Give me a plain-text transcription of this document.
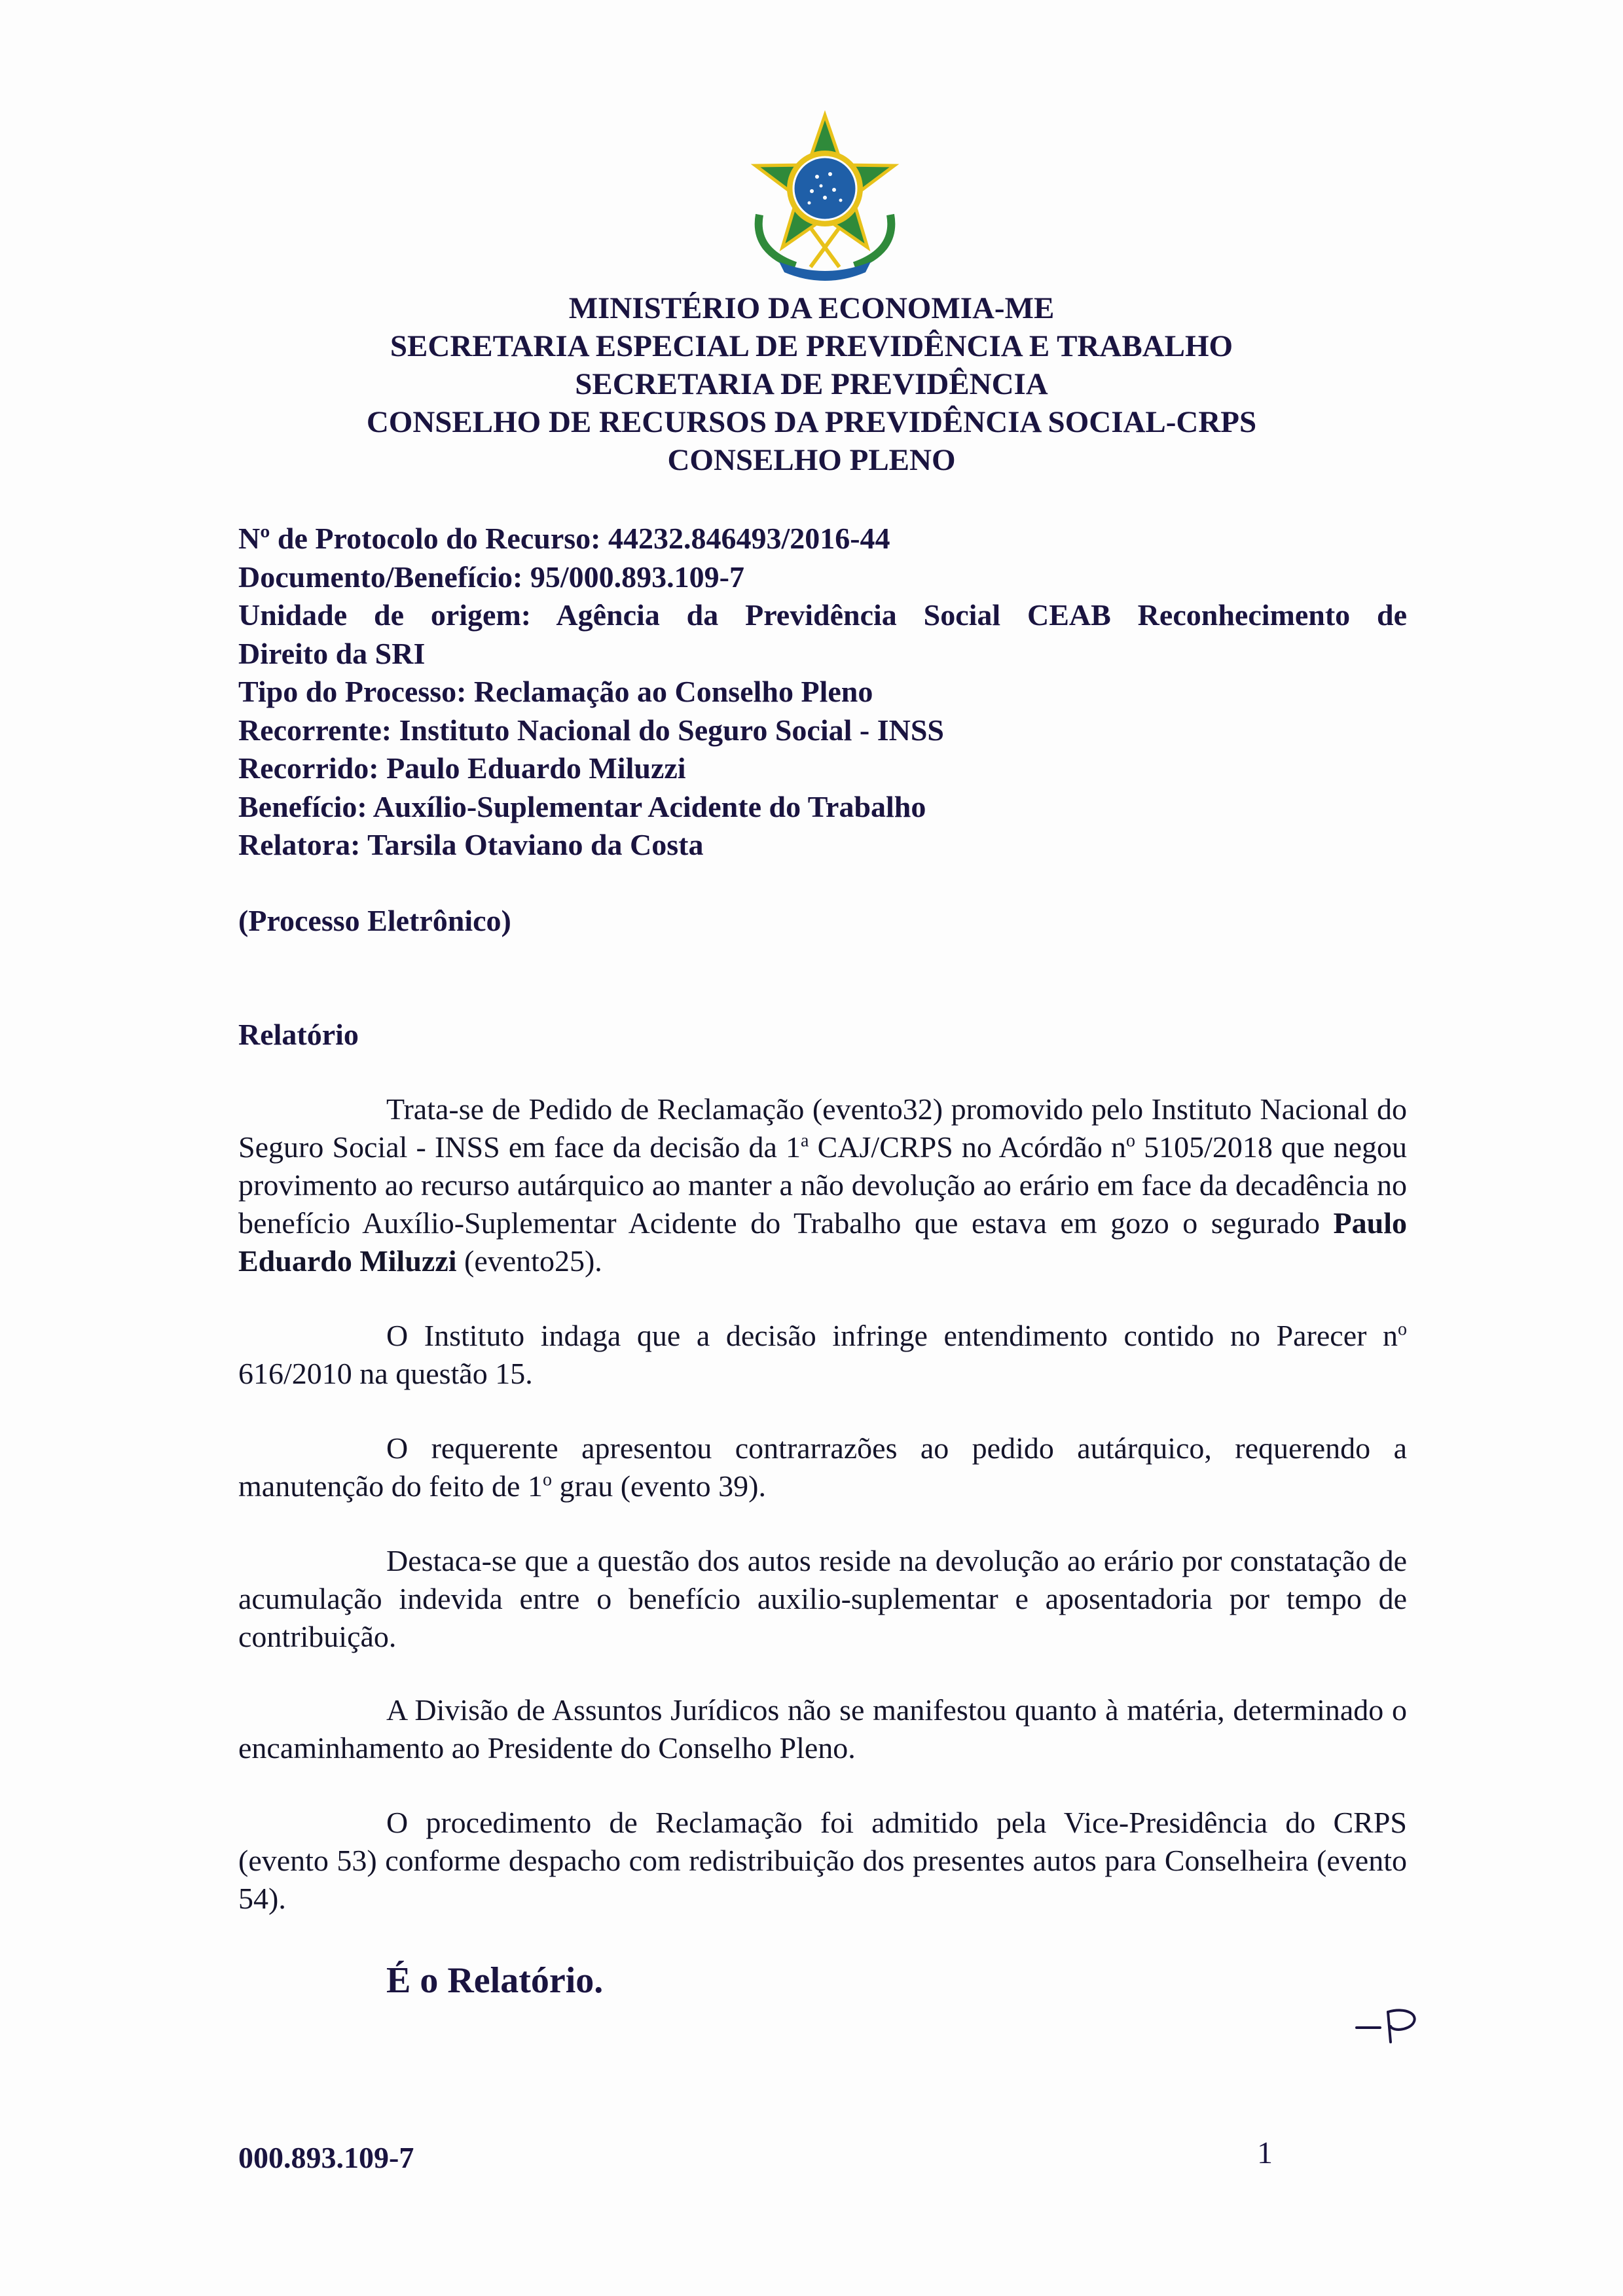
MINISTÉRIO DA ECONOMIA-ME
SECRETARIA ESPECIAL DE PREVIDÊNCIA E TRABALHO
SECRETARIA DE PREVIDÊNCIA
CONSELHO DE RECURSOS DA PREVIDÊNCIA SOCIAL-CRPS
CONSELHO PLENO
Nº de Protocolo do Recurso: 44232.846493/2016-44
Documento/Benefício: 95/000.893.109-7
Unidade de origem: Agência da Previdência Social CEAB Reconhecimento de
Direito da SRI
Tipo do Processo: Reclamação ao Conselho Pleno
Recorrente: Instituto Nacional do Seguro Social - INSS
Recorrido: Paulo Eduardo Miluzzi
Benefício: Auxílio-Suplementar Acidente do Trabalho
Relatora: Tarsila Otaviano da Costa
(Processo Eletrônico)
Relatório

Trata-se de Pedido de Reclamação (evento32) promovido pelo Instituto Nacional do Seguro Social - INSS em face da decisão da 1$^a$ CAJ/CRPS no Acórdão $n^o$ 5105/2018 que negou provimento ao recurso autárquico ao manter a não devolução ao erário em face da decadência no benefício Auxílio-Suplementar Acidente do Trabalho que estava em gozo o segurado Paulo Eduardo Miluzzi (evento25).

O Instituto indaga que a decisão infringe entendimento contido no Parecer $n^o$ 616/2010 na questão 15.

O requerente apresentou contrarrazões ao pedido autárquico, requerendo a manutenção do feito de 1$^o$ grau (evento 39).

Destaca-se que a questão dos autos reside na devolução ao erário por constatação de acumulação indevida entre o benefício auxilio-suplementar e aposentadoria por tempo de contribuição.

A Divisão de Assuntos Jurídicos não se manifestou quanto à matéria, determinado o encaminhamento ao Presidente do Conselho Pleno.

O procedimento de Reclamação foi admitido pela Vice-Presidência do CRPS (evento 53) conforme despacho com redistribuição dos presentes autos para Conselheira (evento 54).

É o Relatório.
000.893.109-7	1
